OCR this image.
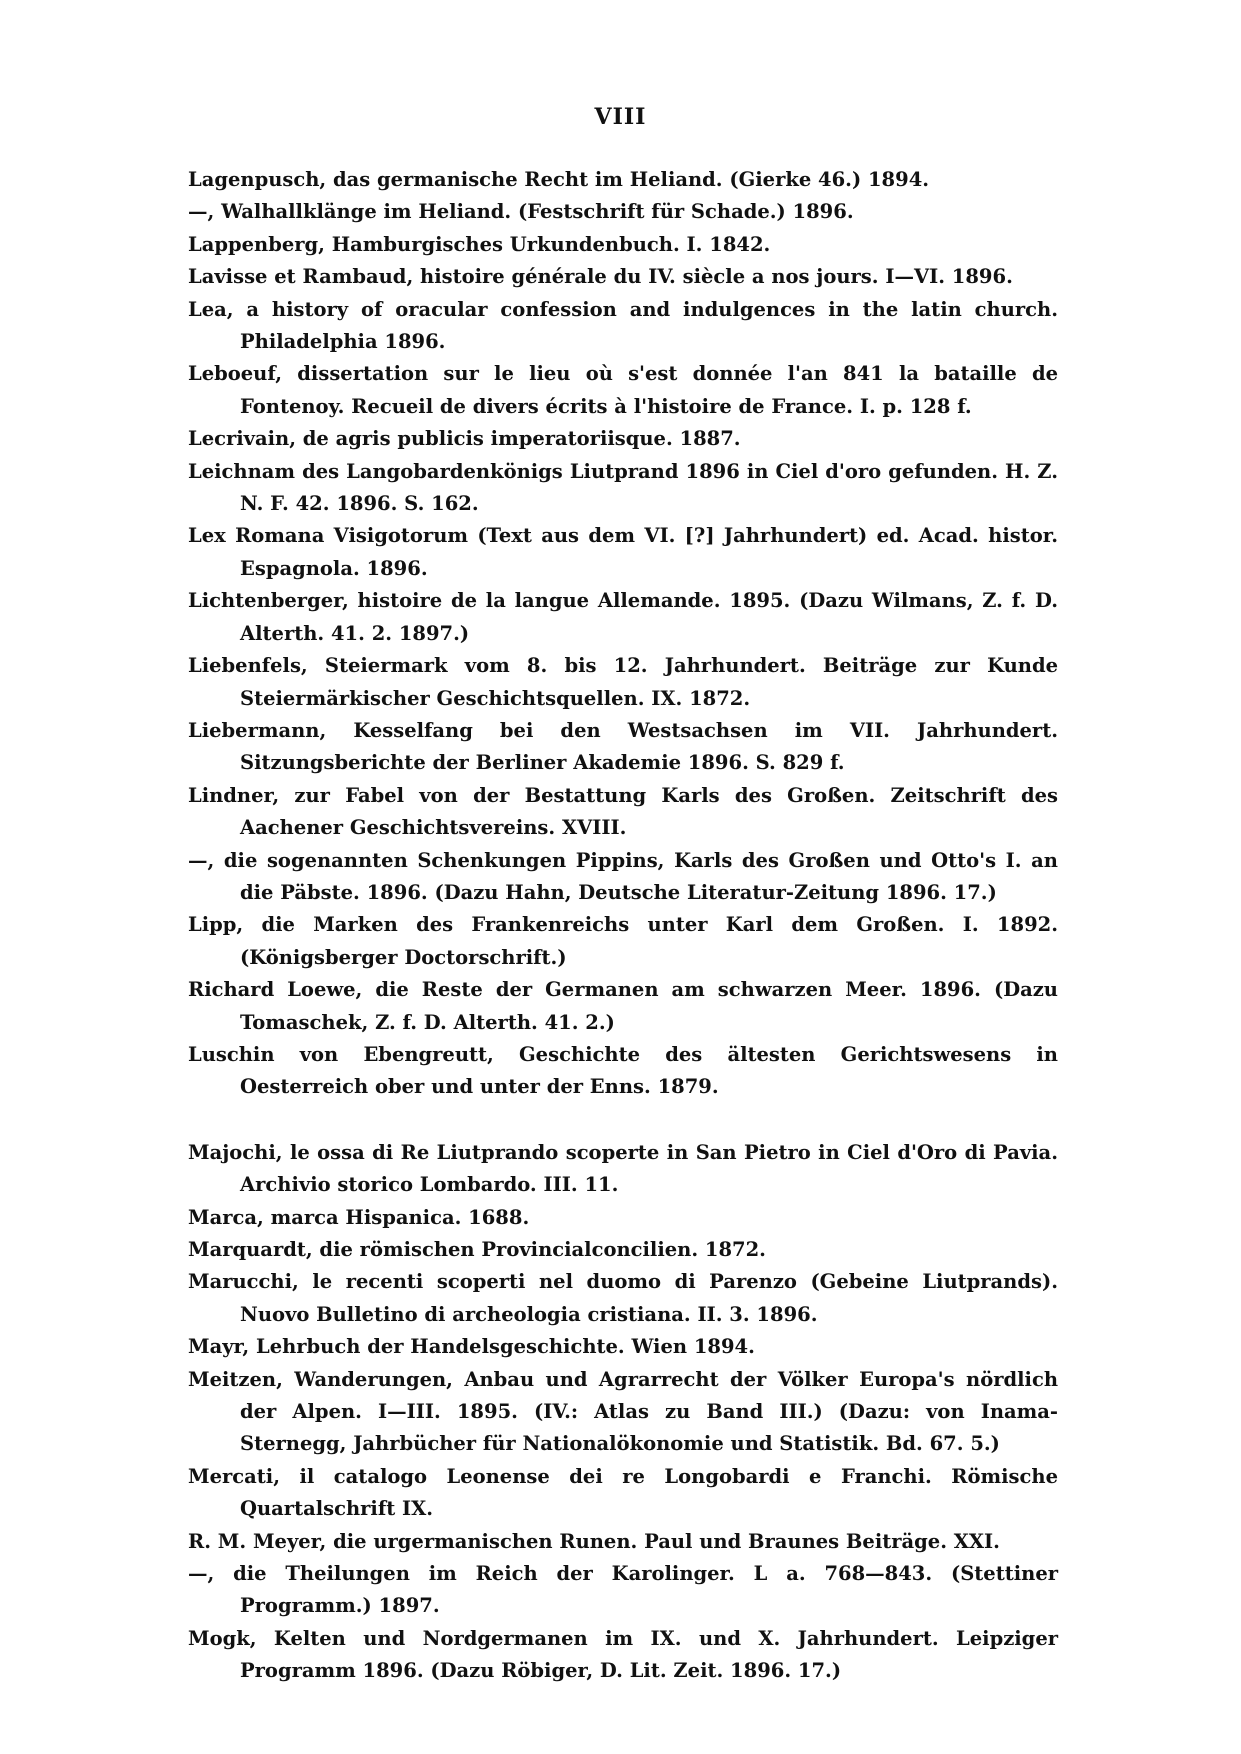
VIII
Lagenpusch, das germanische Recht im Heliand. (Gierke 46.) 1894.
—, Walhallklänge im Heliand. (Festschrift für Schade.) 1896.
Lappenberg, Hamburgisches Urkundenbuch. I. 1842.
Lavisse et Rambaud, histoire générale du IV. siècle a nos jours. I—VI. 1896.
Lea, a history of oracular confession and indulgences in the latin church. Philadelphia 1896.
Leboeuf, dissertation sur le lieu où s'est donnée l'an 841 la bataille de Fontenoy. Recueil de divers écrits à l'histoire de France. I. p. 128 f.
Lecrivain, de agris publicis imperatoriisque. 1887.
Leichnam des Langobardenkönigs Liutprand 1896 in Ciel d'oro gefunden. H. Z. N. F. 42. 1896. S. 162.
Lex Romana Visigotorum (Text aus dem VI. [?] Jahrhundert) ed. Acad. histor. Espagnola. 1896.
Lichtenberger, histoire de la langue Allemande. 1895. (Dazu Wilmans, Z. f. D. Alterth. 41. 2. 1897.)
Liebenfels, Steiermark vom 8. bis 12. Jahrhundert. Beiträge zur Kunde Steiermärkischer Geschichtsquellen. IX. 1872.
Liebermann, Kesselfang bei den Westsachsen im VII. Jahrhundert. Sitzungsberichte der Berliner Akademie 1896. S. 829 f.
Lindner, zur Fabel von der Bestattung Karls des Großen. Zeitschrift des Aachener Geschichtsvereins. XVIII.
—, die sogenannten Schenkungen Pippins, Karls des Großen und Otto's I. an die Päbste. 1896. (Dazu Hahn, Deutsche Literatur-Zeitung 1896. 17.)
Lipp, die Marken des Frankenreichs unter Karl dem Großen. I. 1892. (Königsberger Doctorschrift.)
Richard Loewe, die Reste der Germanen am schwarzen Meer. 1896. (Dazu Tomaschek, Z. f. D. Alterth. 41. 2.)
Luschin von Ebengreutt, Geschichte des ältesten Gerichtswesens in Oesterreich ober und unter der Enns. 1879.
Majochi, le ossa di Re Liutprando scoperte in San Pietro in Ciel d'Oro di Pavia. Archivio storico Lombardo. III. 11.
Marca, marca Hispanica. 1688.
Marquardt, die römischen Provincialconcilien. 1872.
Marucchi, le recenti scoperti nel duomo di Parenzo (Gebeine Liutprands). Nuovo Bulletino di archeologia cristiana. II. 3. 1896.
Mayr, Lehrbuch der Handelsgeschichte. Wien 1894.
Meitzen, Wanderungen, Anbau und Agrarrecht der Völker Europa's nördlich der Alpen. I—III. 1895. (IV.: Atlas zu Band III.) (Dazu: von Inama-Sternegg, Jahrbücher für Nationalökonomie und Statistik. Bd. 67. 5.)
Mercati, il catalogo Leonense dei re Longobardi e Franchi. Römische Quartalschrift IX.
R. M. Meyer, die urgermanischen Runen. Paul und Braunes Beiträge. XXI.
—, die Theilungen im Reich der Karolinger. L a. 768—843. (Stettiner Programm.) 1897.
Mogk, Kelten und Nordgermanen im IX. und X. Jahrhundert. Leipziger Programm 1896. (Dazu Röbiger, D. Lit. Zeit. 1896. 17.)
